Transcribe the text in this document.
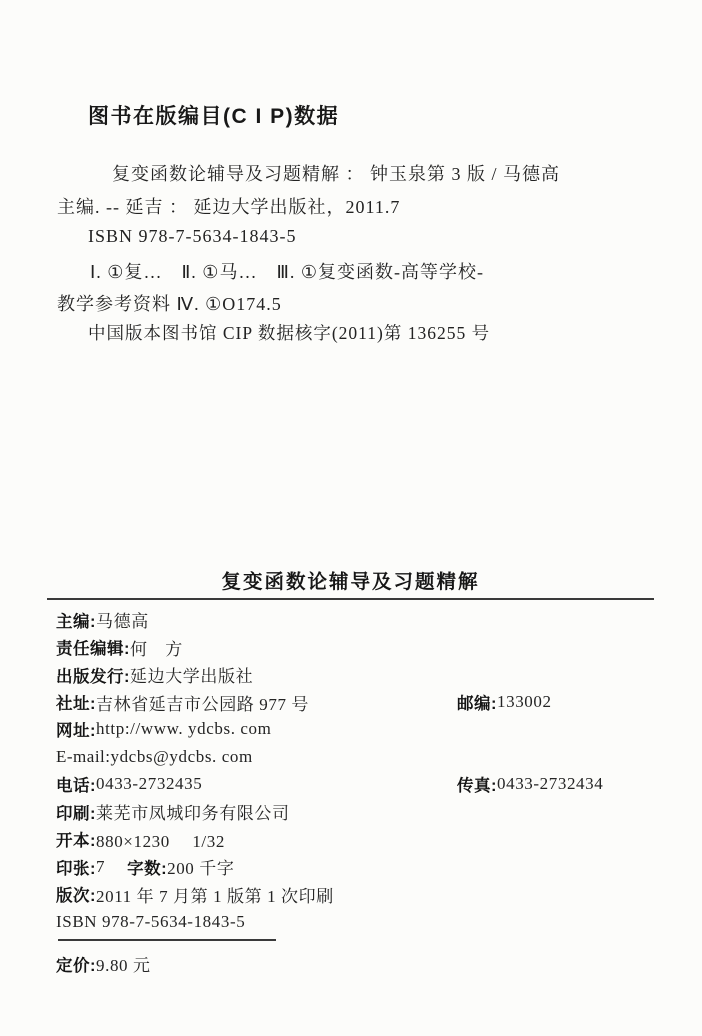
图书在版编目(C I P)数据
复变函数论辅导及习题精解 ： 钟玉泉第 3 版 / 马德高
主编. -- 延吉 ： 延边大学出版社，2011.7
ISBN 978-7-5634-1843-5
Ⅰ. ①复…　Ⅱ. ①马…　Ⅲ. ①复变函数-高等学校-
教学参考资料 Ⅳ. ①O174.5
中国版本图书馆 CIP 数据核字(2011)第 136255 号
复变函数论辅导及习题精解
主编: 马德高
责任编辑: 何　方
出版发行: 延边大学出版社
社址: 吉林省延吉市公园路 977 号	邮编: 133002
网址: http://www. ydcbs. com
E-mail: ydcbs@ydcbs. com
电话: 0433-2732435	传真: 0433-2732434
印刷: 莱芜市凤城印务有限公司
开本: 880×1230　 1/32
印张: 7 字数: 200 千字
版次: 2011 年 7 月第 1 版第 1 次印刷
ISBN 978-7-5634-1843-5
定价: 9.80 元
